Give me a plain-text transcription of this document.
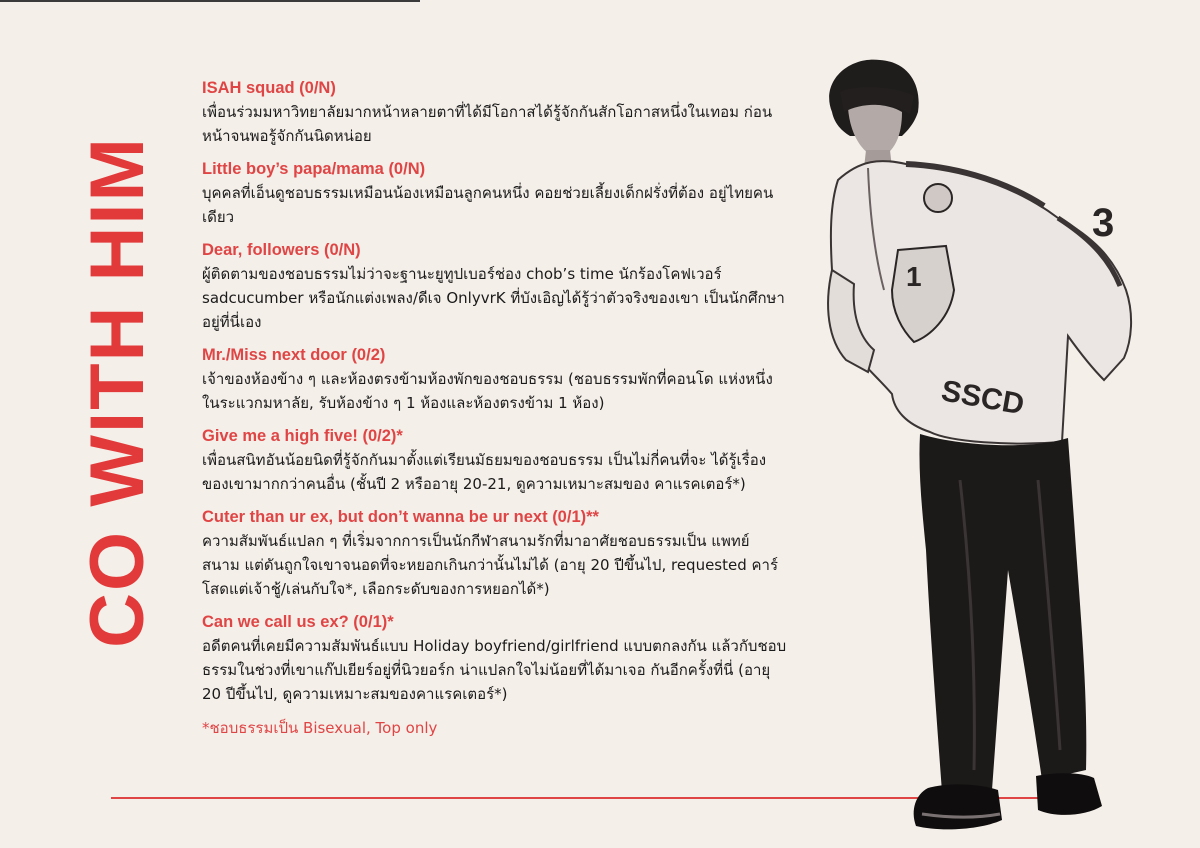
CO WITH HIM
ISAH squad (0/N)
เพื่อนร่วมมหาวิทยาลัยมากหน้าหลายตาที่ได้มีโอกาสได้รู้จักกันสักโอกาสหนึ่งในเทอม ก่อนหน้าจนพอรู้จักกันนิดหน่อย
Little boy’s papa/mama (0/N)
บุคคลที่เอ็นดูชอบธรรมเหมือนน้องเหมือนลูกคนหนึ่ง คอยช่วยเลี้ยงเด็กฝรั่งที่ต้อง อยู่ไทยคนเดียว
Dear, followers (0/N)
ผู้ติดตามของชอบธรรมไม่ว่าจะฐานะยูทูปเบอร์ช่อง chob’s time นักร้องโคฟเวอร์ sadcucumber หรือนักแต่งเพลง/ดีเจ OnlyvrK ที่บังเอิญได้รู้ว่าตัวจริงของเขา เป็นนักศึกษาอยู่ที่นี่เอง
Mr./Miss next door (0/2)
เจ้าของห้องข้าง ๆ และห้องตรงข้ามห้องพักของชอบธรรม (ชอบธรรมพักที่คอนโด แห่งหนึ่งในระแวกมหาลัย, รับห้องข้าง ๆ 1 ห้องและห้องตรงข้าม 1 ห้อง)
Give me a high five! (0/2)*
เพื่อนสนิทอันน้อยนิดที่รู้จักกันมาตั้งแต่เรียนมัธยมของชอบธรรม เป็นไม่กี่คนที่จะ ได้รู้เรื่องของเขามากกว่าคนอื่น (ชั้นปี 2 หรืออายุ 20-21, ดูความเหมาะสมของ คาแรคเตอร์*)
Cuter than ur ex, but don’t wanna be ur next (0/1)**
ความสัมพันธ์แปลก ๆ ที่เริ่มจากการเป็นนักกีฬาสนามรักที่มาอาศัยชอบธรรมเป็น แพทย์สนาม แต่ดันถูกใจเขาจนอดที่จะหยอกเกินกว่านั้นไม่ได้ (อายุ 20 ปีขึ้นไป, requested คาร์โสดแต่เจ้าชู้/เล่นกับใจ*, เลือกระดับของการหยอกได้*)
Can we call us ex? (0/1)*
อดีตคนที่เคยมีความสัมพันธ์แบบ Holiday boyfriend/girlfriend แบบตกลงกัน แล้วกับชอบธรรมในช่วงที่เขาแก๊ปเยียร์อยู่ที่นิวยอร์ก น่าแปลกใจไม่น้อยที่ได้มาเจอ กันอีกครั้งที่นี่ (อายุ 20 ปีขึ้นไป, ดูความเหมาะสมของคาแรคเตอร์*)
*ชอบธรรมเป็น Bisexual, Top only
1
3
SSCD
